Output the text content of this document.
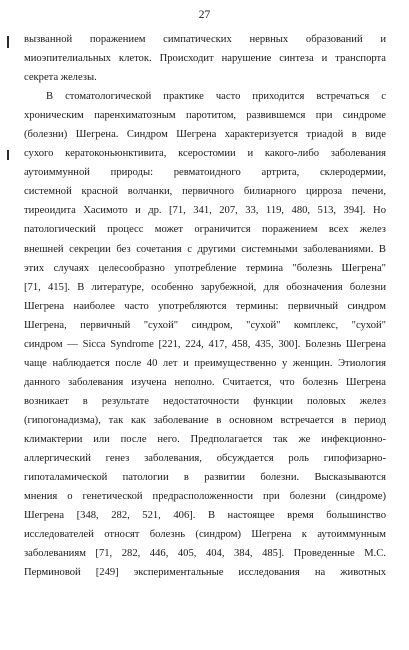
27
вызванной поражением симпатических нервных образований и
миоэпителиальных клеток. Происходит нарушение синтеза и транспорта
секрета железы.
В стоматологической практике часто приходится встречаться с
хроническим паренхиматозным паротитом, развившемся при синдроме
(болезни) Шегрена. Синдром Шегрена характеризуется триадой в виде
сухого кератоконьюнктивита, ксеростомии и какого-либо заболевания
аутоиммунной природы: ревматоидного артрита, склеродермии,
системной красной волчанки, первичного билиарного цирроза печени,
тиреоидита Хасимото и др. [71, 341, 207, 33, 119, 480, 513, 394]. Но
патологический процесс может ограничится поражением всех желез
внешней секреции без сочетания с другими системными заболеваниями. В
этих случаях целесообразно употребление термина "болезнь Шегрена"
[71, 415]. В литературе, особенно зарубежной, для обозначения болезни
Шегрена наиболее часто употребляются термины: первичный синдром
Шегрена, первичный "сухой" синдром, "сухой" комплекс, "сухой"
синдром — Sicca Syndrome [221, 224, 417, 458, 435, 300]. Болезнь Шегрена
чаще наблюдается после 40 лет и преимущественно у женщин. Этиология
данного заболевания изучена неполно. Считается, что болезнь Шегрена
возникает в результате недостаточности функции половых желез
(гипогонадизма), так как заболевание в основном встречается в период
климактерии или после него. Предполагается так же инфекционно-
аллергический генез заболевания, обсуждается роль гипофизарно-
гипоталамической патологии в развитии болезни. Высказываются
мнения о генетической предрасположенности при болезни (синдроме)
Шегрена [348, 282, 521, 406]. В настоящее время большинство
исследователей относят болезнь (синдром) Шегрена к аутоиммунным
заболеваниям [71, 282, 446, 405, 404, 384, 485]. Проведенные М.С.
Перминовой [249] экспериментальные исследования на животных
